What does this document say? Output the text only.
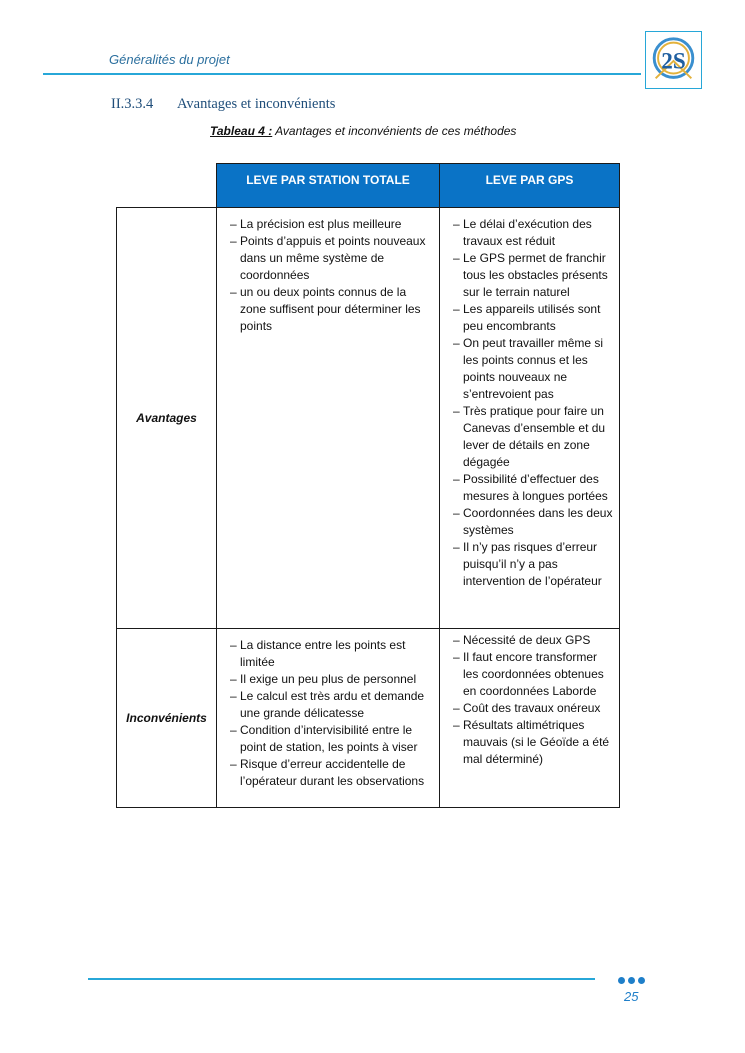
Généralités du projet	2S
II.3.3.4 Avantages et inconvénients
Tableau 4 : Avantages et inconvénients de ces méthodes
LEVE PAR STATION TOTALE	LEVE PAR GPS
Avantages
– La précision est plus meilleure
– Points d’appuis et points nouveaux dans un même système de coordonnées
– un ou deux points connus de la zone suffisent pour déterminer les points
– Le délai d’exécution des travaux est réduit
– Le GPS permet de franchir tous les obstacles présents sur le terrain naturel
– Les appareils utilisés sont peu encombrants
– On peut travailler même si les points connus et les points nouveaux ne s’entrevoient pas
– Très pratique pour faire un Canevas d’ensemble et du lever de détails en zone dégagée
– Possibilité d’effectuer des mesures à longues portées
– Coordonnées dans les deux systèmes
– Il n’y pas risques d’erreur puisqu’il n’y a pas intervention de l’opérateur
Inconvénients
– La distance entre les points est limitée
– Il exige un peu plus de personnel
– Le calcul est très ardu et demande une grande délicatesse
– Condition d’intervisibilité entre le point de station, les points à viser
– Risque d’erreur accidentelle de l’opérateur durant les observations
– Nécessité de deux GPS
– Il faut encore transformer les coordonnées obtenues en coordonnées Laborde
– Coût des travaux onéreux
– Résultats altimétriques mauvais (si le Géoïde a été mal déterminé)
25
